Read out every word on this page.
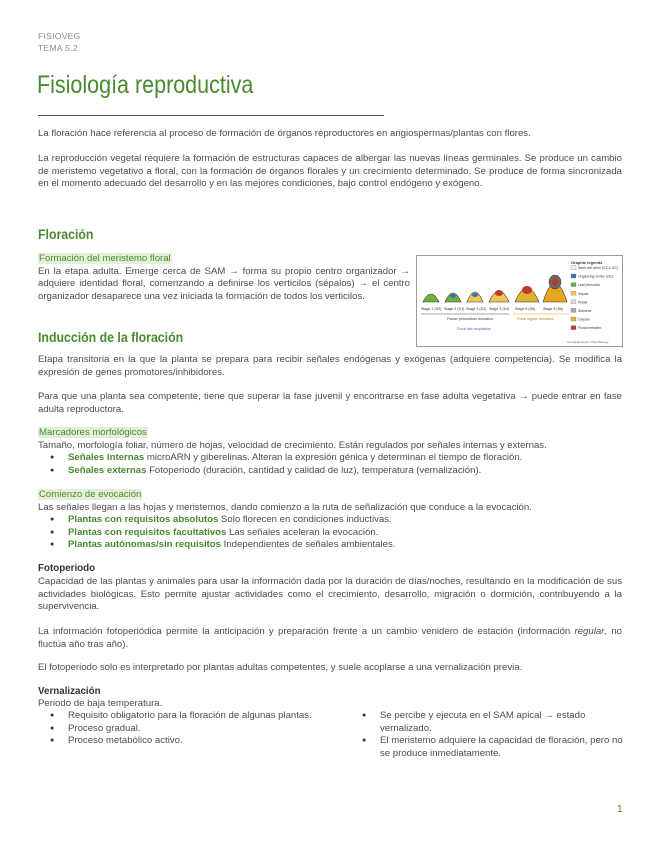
FISIOVEG
TEMA 5.2
Fisiología reproductiva
La floración hace referencia al proceso de formación de órganos reproductores en angiospermas/plantas con flores.
La reproducción vegetal requiere la formación de estructuras capaces de albergar las nuevas líneas germinales. Se produce un cambio de meristemo vegetativo a floral, con la formación de órganos florales y un crecimiento determinado. Se produce de forma sincronizada en el momento adecuado del desarrollo y en las mejores condiciones, bajo control endógeno y exógeno.
Floración
Formación del meristemo floral
En la etapa adulta. Emerge cerca de SAM → forma su propio centro organizador → adquiere identidad floral, comenzando a definirse los verticilos (sépalos) → el centro organizador desaparece una vez iniciada la formación de todos los verticilos.
Stage 1 (D0) Stage 2 (D1) Stage 3 (D2) Stage 3 (D4) Stage 6 (D6) Stage 8 (D8)
Flower primordium formation	Floral organs formation
Floral fate acquisition
Graphic legends
Stem cell niche (CZ & OC)
Organizing center (OC)
Leaf primordia
Sepals
Petals
Stamens
Carpels
Floral meristem
Annual Reviews / Plant Biology
Inducción de la floración
Etapa transitoria en la que la planta se prepara para recibir señales endógenas y exógenas (adquiere competencia). Se modifica la expresión de genes promotores/inhibidores.
Para que una planta sea competente, tiene que superar la fase juvenil y encontrarse en fase adulta vegetativa → puede entrar en fase adulta reproductora.
Marcadores morfológicos
Tamaño, morfología foliar, número de hojas, velocidad de crecimiento. Están regulados por señales internas y externas.
● Señales internas microARN y giberelinas. Alteran la expresión génica y determinan el tiempo de floración.
● Señales externas Fotoperiodo (duración, cantidad y calidad de luz), temperatura (vernalización).
Comienzo de evocación
Las señales llegan a las hojas y meristemos, dando comienzo a la ruta de señalización que conduce a la evocación.
● Plantas con requisitos absolutos Solo florecen en condiciones inductivas.
● Plantas con requisitos facultativos Las señales aceleran la evocación.
● Plantas autónomas/sin requisitos Independientes de señales ambientales.
Fotoperiodo
Capacidad de las plantas y animales para usar la información dada por la duración de días/noches, resultando en la modificación de sus actividades biológicas. Esto permite ajustar actividades como el crecimiento, desarrollo, migración o dormición, contribuyendo a la supervivencia.
La información fotoperiódica permite la anticipación y preparación frente a un cambio venidero de estación (información regular, no fluctúa año tras año).
El fotoperiodo solo es interpretado por plantas adultas competentes, y suele acoplarse a una vernalización previa.
Vernalización
Periodo de baja temperatura.
● Requisito obligatorio para la floración de algunas plantas.
● Proceso gradual.
● Proceso metabólico activo.
● Se percibe y ejecuta en el SAM apical → estado vernalizado.
● El meristemo adquiere la capacidad de floración, pero no se produce inmediatamente.
1
